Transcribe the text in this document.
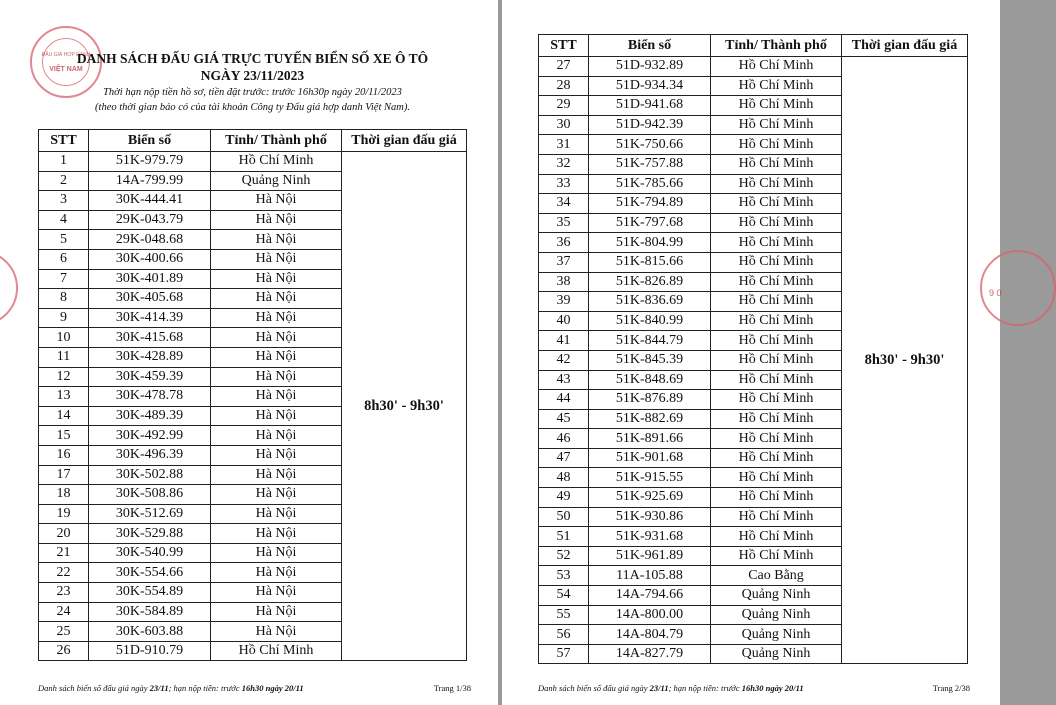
ĐẤU GIÁ HỢP DANH
VIỆT NAM
DANH SÁCH ĐẤU GIÁ TRỰC TUYẾN BIỂN SỐ XE Ô TÔ
NGÀY 23/11/2023
Thời hạn nộp tiền hồ sơ, tiền đặt trước: trước 16h30p ngày 20/11/2023
(theo thời gian báo có của tài khoản Công ty Đấu giá hợp danh Việt Nam).
STT	Biển số	Tỉnh/ Thành phố	Thời gian đấu giá
1	51K-979.79	Hồ Chí Minh	8h30' - 9h30'
2	14A-799.99	Quảng Ninh	
3	30K-444.41	Hà Nội	
4	29K-043.79	Hà Nội	
5	29K-048.68	Hà Nội	
6	30K-400.66	Hà Nội	
7	30K-401.89	Hà Nội	
8	30K-405.68	Hà Nội	
9	30K-414.39	Hà Nội	
10	30K-415.68	Hà Nội	
11	30K-428.89	Hà Nội	
12	30K-459.39	Hà Nội	
13	30K-478.78	Hà Nội	
14	30K-489.39	Hà Nội	
15	30K-492.99	Hà Nội	
16	30K-496.39	Hà Nội	
17	30K-502.88	Hà Nội	
18	30K-508.86	Hà Nội	
19	30K-512.69	Hà Nội	
20	30K-529.88	Hà Nội	
21	30K-540.99	Hà Nội	
22	30K-554.66	Hà Nội	
23	30K-554.89	Hà Nội	
24	30K-584.89	Hà Nội	
25	30K-603.88	Hà Nội	
26	51D-910.79	Hồ Chí Minh	
Danh sách biển số đấu giá ngày 23/11; hạn nộp tiền: trước 16h30 ngày 20/11	Trang 1/38	Danh sách biển số đấu giá ngày 23/11; hạn nộp tiền: trước 16h30 ngày 20/11	Trang 2/38
STT	Biển số	Tỉnh/ Thành phố	Thời gian đấu giá
27	51D-932.89	Hồ Chí Minh	8h30' - 9h30'
28	51D-934.34	Hồ Chí Minh	
29	51D-941.68	Hồ Chí Minh	
30	51D-942.39	Hồ Chí Minh	
31	51K-750.66	Hồ Chí Minh	
32	51K-757.88	Hồ Chí Minh	
33	51K-785.66	Hồ Chí Minh	
34	51K-794.89	Hồ Chí Minh	
35	51K-797.68	Hồ Chí Minh	
36	51K-804.99	Hồ Chí Minh	
37	51K-815.66	Hồ Chí Minh	
38	51K-826.89	Hồ Chí Minh	
39	51K-836.69	Hồ Chí Minh	
40	51K-840.99	Hồ Chí Minh	
41	51K-844.79	Hồ Chí Minh	
42	51K-845.39	Hồ Chí Minh	
43	51K-848.69	Hồ Chí Minh	
44	51K-876.89	Hồ Chí Minh	
45	51K-882.69	Hồ Chí Minh	
46	51K-891.66	Hồ Chí Minh	
47	51K-901.68	Hồ Chí Minh	
48	51K-915.55	Hồ Chí Minh	
49	51K-925.69	Hồ Chí Minh	
50	51K-930.86	Hồ Chí Minh	
51	51K-931.68	Hồ Chí Minh	
52	51K-961.89	Hồ Chí Minh	
53	11A-105.88	Cao Bằng	
54	14A-794.66	Quảng Ninh	
55	14A-800.00	Quảng Ninh	
56	14A-804.79	Quảng Ninh	
57	14A-827.79	Quảng Ninh	
9 0
